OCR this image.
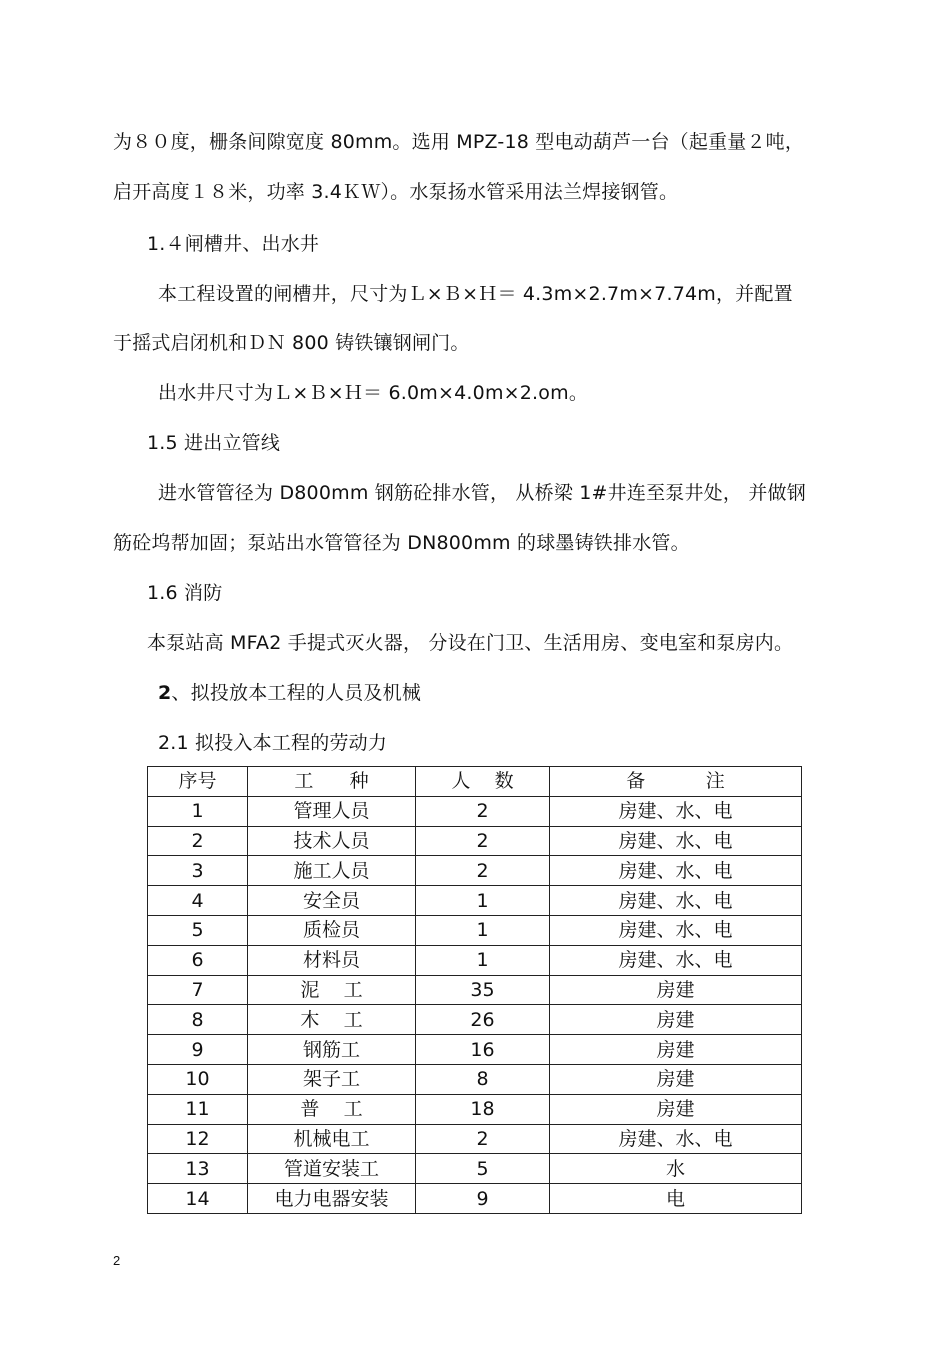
为８０度，栅条间隙宽度 80mm。选用 MPZ-18 型电动葫芦一台（起重量２吨，
启开高度１８米，功率 3.4ＫＷ）。水泵扬水管采用法兰焊接钢管。
1.４闸槽井、出水井
本工程设置的闸槽井，尺寸为Ｌ×Ｂ×Ｈ＝ 4.3m×2.7m×7.74m，并配置
于摇式启闭机和ＤＮ 800 铸铁镶钢闸门。
出水井尺寸为Ｌ×Ｂ×Ｈ＝ 6.0m×4.0m×2.om。
1.5 进出立管线
进水管管径为 D800mm 钢筋砼排水管， 从桥梁 1#井连至泵井处， 并做钢
筋砼坞帮加固；泵站出水管管径为 DN800mm 的球墨铸铁排水管。
1.6 消防
本泵站高 MFA2 手提式灭火器， 分设在门卫、生活用房、变电室和泵房内。
2、拟投放本工程的人员及机械
2.1 拟投入本工程的劳动力
序号	工      种	人    数	备          注
1	管理人员	2	房建、水、电
2	技术人员	2	房建、水、电
3	施工人员	2	房建、水、电
4	安全员	1	房建、水、电
5	质检员	1	房建、水、电
6	材料员	1	房建、水、电
7	泥    工	35	房建
8	木    工	26	房建
9	钢筋工	16	房建
10	架子工	8	房建
11	普    工	18	房建
12	机械电工	2	房建、水、电
13	管道安装工	5	水
14	电力电器安装	9	电
2
